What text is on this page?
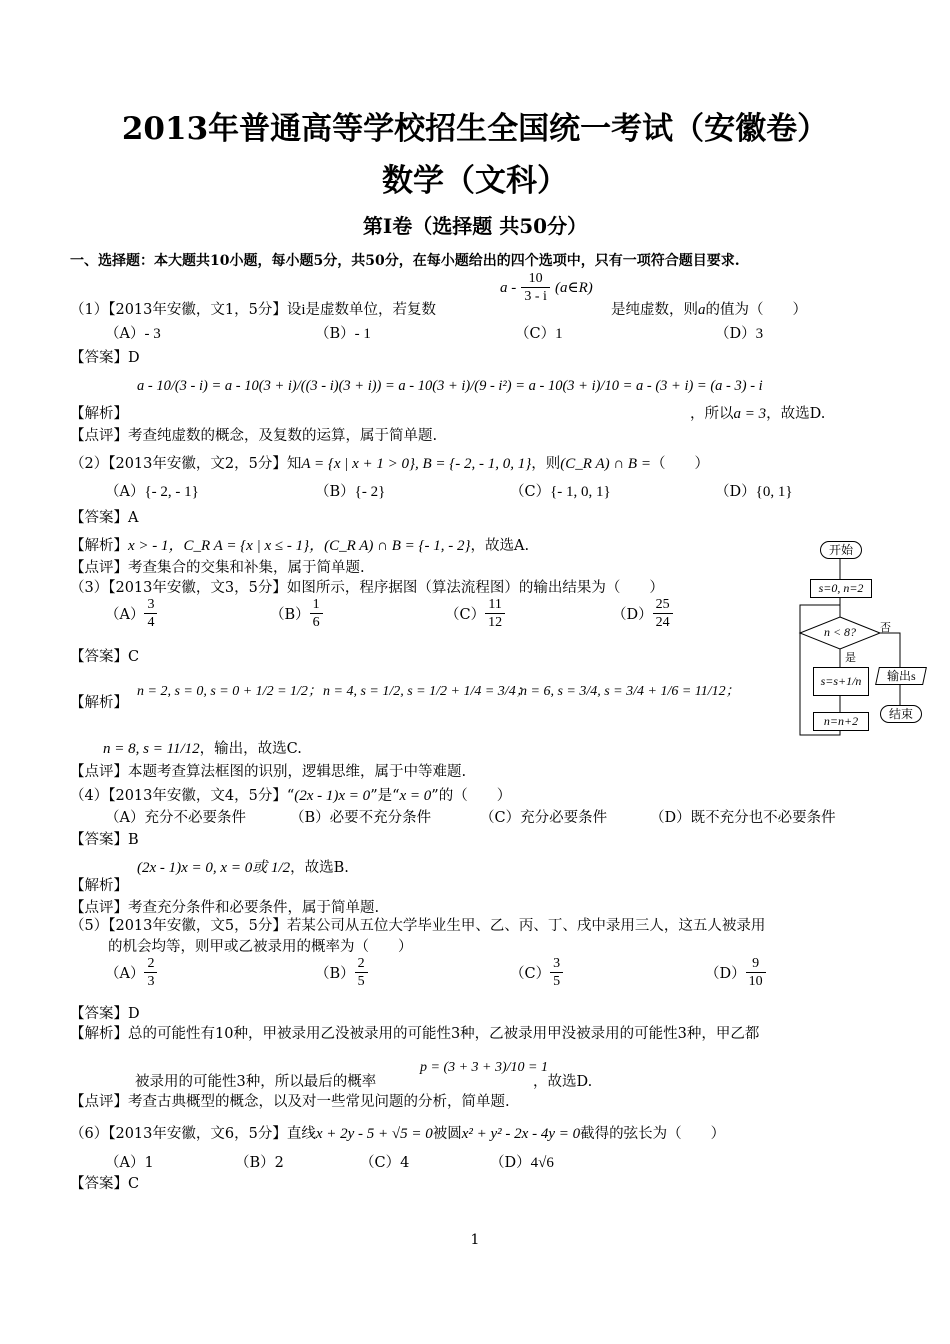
2013年普通高等学校招生全国统一考试（安徽卷）
数学（文科）
第Ⅰ卷（选择题 共50分）
一、选择题：本大题共10小题，每小题5分，共50分，在每小题给出的四个选项中，只有一项符合题目要求.
（1）【2013年安徽，文1，5分】设i是虚数单位，若复数
a - $\frac{10}{3 - i}$ (a∈R)
是纯虚数，则a的值为（　　）
（A）- 3	（B）- 1	（C）1	（D）3
【答案】D
【解析】
a - 10/(3 - i) = a - 10(3 + i)/((3 - i)(3 + i)) = a - 10(3 + i)/(9 - i²) = a - 10(3 + i)/10 = a - (3 + i) = (a - 3) - i
，所以a = 3，故选D.
【点评】考查纯虚数的概念，及复数的运算，属于简单题.
（2）【2013年安徽，文2，5分】知A = {x | x + 1 > 0}, B = {- 2, - 1, 0, 1}，则(C_R A) ∩ B =（　　）
（A）{- 2, - 1}	（B）{- 2}	（C）{- 1, 0, 1}	（D）{0, 1}
【答案】A
【解析】x > - 1，C_R A = {x | x ≤ - 1}，(C_R A) ∩ B = {- 1, - 2}，故选A.
【点评】考查集合的交集和补集，属于简单题.
（3）【2013年安徽，文3，5分】如图所示，程序据图（算法流程图）的输出结果为（　　）
$(A) \frac{3}{4}$	$(B) \frac{1}{6}$	$(C) \frac{11}{12}$	$(D) \frac{25}{24}$
【答案】C
【解析】
n = 2, s = 0, s = 0 + 1/2 = 1/2； n = 4, s = 1/2, s = 1/2 + 1/4 = 3/4；
n = 6, s = 3/4, s = 3/4 + 1/6 = 11/12；
n = 8, s = 11/12，输出，故选C.
【点评】本题考查算法框图的识别，逻辑思维，属于中等难题.
开始
s=0, n=2
n < 8?	否
是
s=s+1/n	输出s
结束
n=n+2
（4）【2013年安徽，文4，5分】“(2x - 1)x = 0”是“x = 0”的（　　）
（A）充分不必要条件	（B）必要不充分条件	（C）充分必要条件	（D）既不充分也不必要条件
【答案】B
【解析】
(2x - 1)x = 0, x = 0或 1/2，故选B.
【点评】考查充分条件和必要条件，属于简单题.
（5）【2013年安徽，文5，5分】若某公司从五位大学毕业生甲、乙、丙、丁、戌中录用三人，这五人被录用
的机会均等，则甲或乙被录用的概率为（　　）
$(A) \frac{2}{3}$	$(B) \frac{2}{5}$	$(C) \frac{3}{5}$	$(D) \frac{9}{10}$
【答案】D
【解析】总的可能性有10种，甲被录用乙没被录用的可能性3种，乙被录用甲没被录用的可能性3种，甲乙都
被录用的可能性3种，所以最后的概率
p = (3 + 3 + 3)/10 = 1
，故选D.
【点评】考查古典概型的概念，以及对一些常见问题的分析，简单题.
（6）【2013年安徽，文6，5分】直线x + 2y - 5 + √5 = 0被圆x² + y² - 2x - 4y = 0截得的弦长为（　　）
（A）1	（B）2	（C）4	（D）4√6
【答案】C
1
